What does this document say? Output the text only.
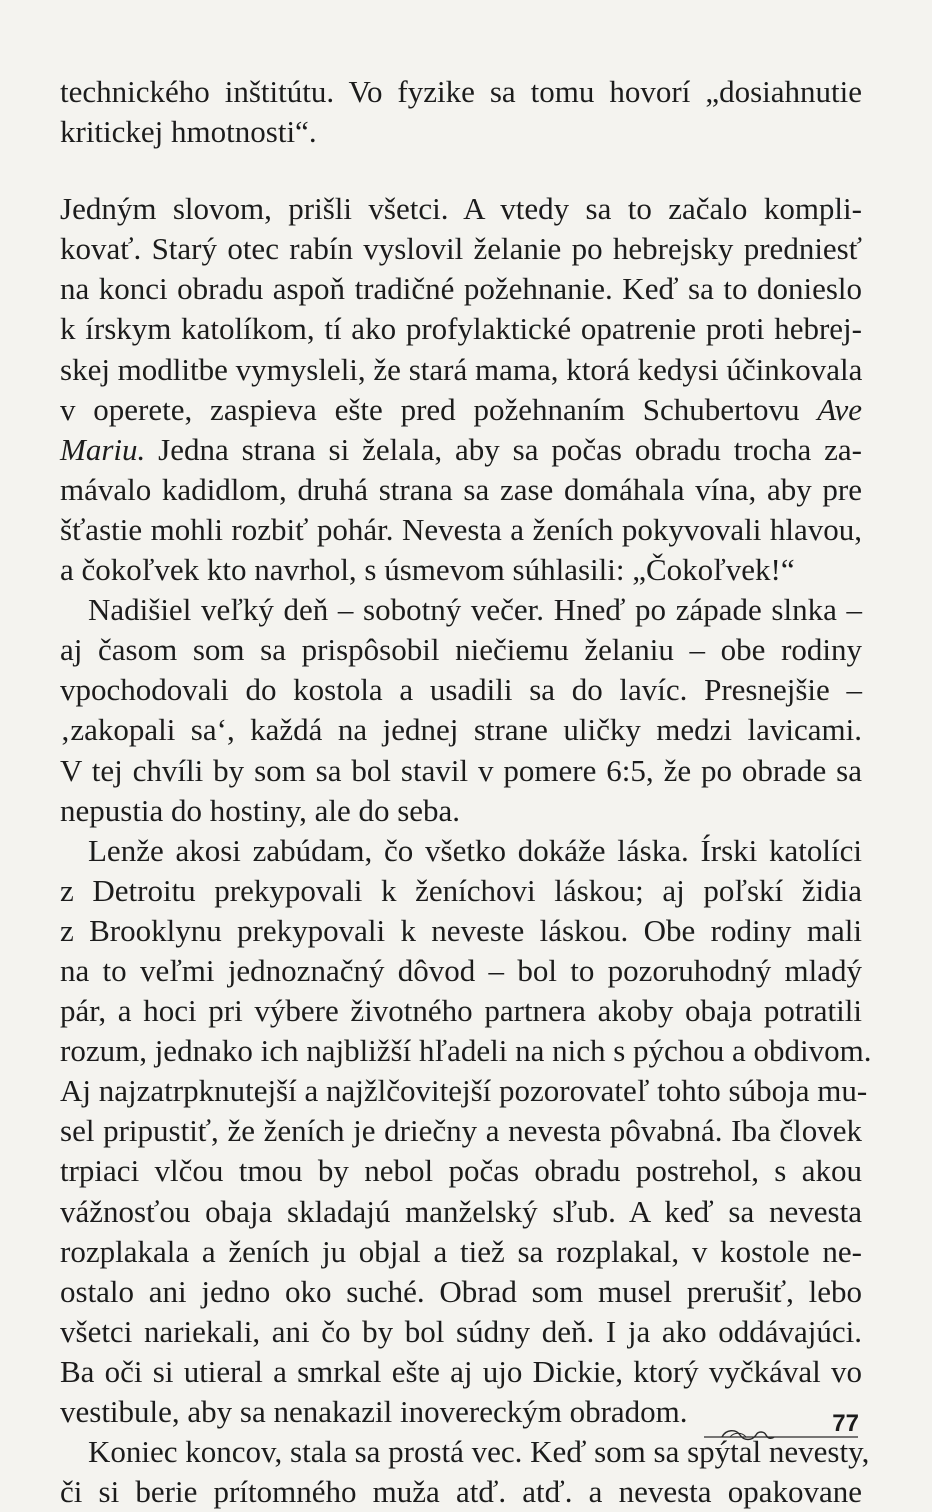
technického inštitútu. Vo fyzike sa tomu hovorí „dosiahnutie
kritickej hmotnosti“.
Jedným slovom, prišli všetci. A vtedy sa to začalo kompli-
kovať. Starý otec rabín vyslovil želanie po hebrejsky predniesť
na konci obradu aspoň tradičné požehnanie. Keď sa to donieslo
k írskym katolíkom, tí ako profylaktické opatrenie proti hebrej-
skej modlitbe vymysleli, že stará mama, ktorá kedysi účinkovala
v operete, zaspieva ešte pred požehnaním Schubertovu Ave
Mariu. Jedna strana si želala, aby sa počas obradu trocha za-
mávalo kadidlom, druhá strana sa zase domáhala vína, aby pre
šťastie mohli rozbiť pohár. Nevesta a ženích pokyvovali hlavou,
a čokoľvek kto navrhol, s úsmevom súhlasili: „Čokoľvek!“
Nadišiel veľký deň – sobotný večer. Hneď po západe slnka –
aj časom som sa prispôsobil niečiemu želaniu – obe rodiny
vpochodovali do kostola a usadili sa do lavíc. Presnejšie –
‚zakopali sa‘, každá na jednej strane uličky medzi lavicami.
V tej chvíli by som sa bol stavil v pomere 6:5, že po obrade sa
nepustia do hostiny, ale do seba.
Lenže akosi zabúdam, čo všetko dokáže láska. Írski katolíci
z Detroitu prekypovali k ženíchovi láskou; aj poľskí židia
z Brooklynu prekypovali k neveste láskou. Obe rodiny mali
na to veľmi jednoznačný dôvod – bol to pozoruhodný mladý
pár, a hoci pri výbere životného partnera akoby obaja potratili
rozum, jednako ich najbližší hľadeli na nich s pýchou a obdivom.
Aj najzatrpknutejší a najžlčovitejší pozorovateľ tohto súboja mu-
sel pripustiť, že ženích je driečny a nevesta pôvabná. Iba človek
trpiaci vlčou tmou by nebol počas obradu postrehol, s akou
vážnosťou obaja skladajú manželský sľub. A keď sa nevesta
rozplakala a ženích ju objal a tiež sa rozplakal, v kostole ne-
ostalo ani jedno oko suché. Obrad som musel prerušiť, lebo
všetci nariekali, ani čo by bol súdny deň. I ja ako oddávajúci.
Ba oči si utieral a smrkal ešte aj ujo Dickie, ktorý vyčkával vo
vestibule, aby sa nenakazil inovereckým obradom.
Koniec koncov, stala sa prostá vec. Keď som sa spýtal nevesty,
či si berie prítomného muža atď. atď. a nevesta opakovane
77
